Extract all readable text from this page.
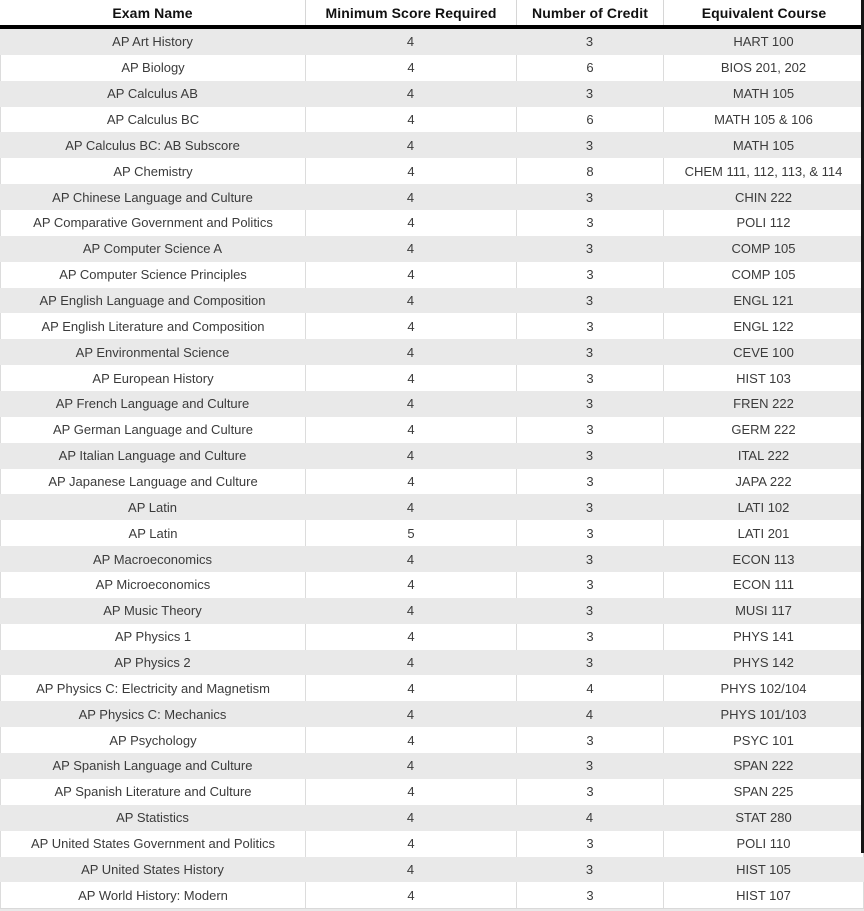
Exam Name	Minimum Score Required	Number of Credit	Equivalent Course
AP Art History	4	3	HART 100
AP Biology	4	6	BIOS 201, 202
AP Calculus AB	4	3	MATH 105
AP Calculus BC	4	6	MATH 105 & 106
AP Calculus BC: AB Subscore	4	3	MATH 105
AP Chemistry	4	8	CHEM 111, 112, 113, & 114
AP Chinese Language and Culture	4	3	CHIN 222
AP Comparative Government and Politics	4	3	POLI 112
AP Computer Science A	4	3	COMP 105
AP Computer Science Principles	4	3	COMP 105
AP English Language and Composition	4	3	ENGL 121
AP English Literature and Composition	4	3	ENGL 122
AP Environmental Science	4	3	CEVE 100
AP European History	4	3	HIST 103
AP French Language and Culture	4	3	FREN 222
AP German Language and Culture	4	3	GERM 222
AP Italian Language and Culture	4	3	ITAL 222
AP Japanese Language and Culture	4	3	JAPA 222
AP Latin	4	3	LATI 102
AP Latin	5	3	LATI 201
AP Macroeconomics	4	3	ECON 113
AP Microeconomics	4	3	ECON 111
AP Music Theory	4	3	MUSI 117
AP Physics 1	4	3	PHYS 141
AP Physics 2	4	3	PHYS 142
AP Physics C: Electricity and Magnetism	4	4	PHYS 102/104
AP Physics C: Mechanics	4	4	PHYS 101/103
AP Psychology	4	3	PSYC 101
AP Spanish Language and Culture	4	3	SPAN 222
AP Spanish Literature and Culture	4	3	SPAN 225
AP Statistics	4	4	STAT 280
AP United States Government and Politics	4	3	POLI 110
AP United States History	4	3	HIST 105
AP World History: Modern	4	3	HIST 107
